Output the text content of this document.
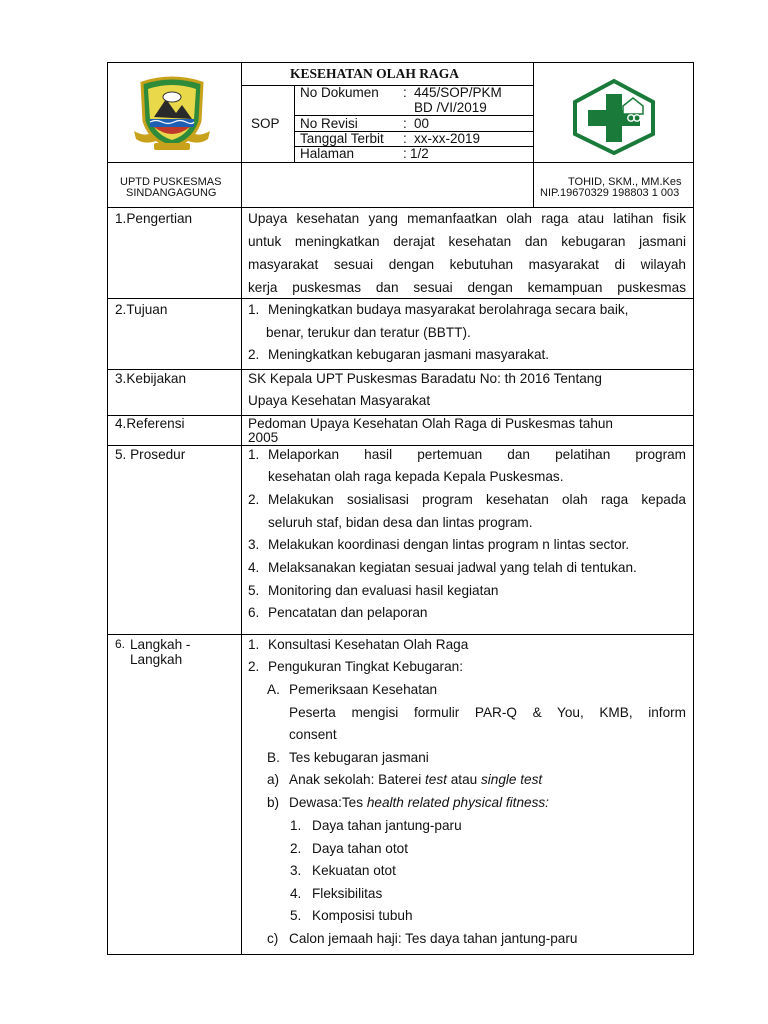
KESEHATAN OLAH RAGA
SOP
No Dokumen : 445/SOP/PKM
BD /VI/2019
No Revisi	: 00
Tanggal Terbit : xx-xx-2019
Halaman	: 1/2
UPTD PUSKESMAS
SINDANGAGUNG
TOHID, SKM., MM.Kes
NIP.19670329 198803 1 003
1.Pengertian	Upaya kesehatan yang memanfaatkan olah raga atau latihan fisik
untuk meningkatkan derajat kesehatan dan kebugaran jasmani
masyarakat sesuai dengan kebutuhan masyarakat di wilayah
kerja puskesmas dan sesuai dengan kemampuan puskesmas
2.Tujuan	1. Meningkatkan budaya masyarakat berolahraga secara baik,
benar, terukur dan teratur (BBTT).
2. Meningkatkan kebugaran jasmani masyarakat.
3.Kebijakan	SK Kepala UPT Puskesmas Baradatu No: th 2016 Tentang
Upaya Kesehatan Masyarakat
4.Referensi	Pedoman Upaya Kesehatan Olah Raga di Puskesmas tahun
2005
5. Prosedur	1. Melaporkan hasil pertemuan dan pelatihan program
kesehatan olah raga kepada Kepala Puskesmas.
2. Melakukan sosialisasi program kesehatan olah raga kepada
seluruh staf, bidan desa dan lintas program.
3. Melakukan koordinasi dengan lintas program n lintas sector.
4. Melaksanakan kegiatan sesuai jadwal yang telah di tentukan.
5. Monitoring dan evaluasi hasil kegiatan
6. Pencatatan dan pelaporan
6. Langkah -
Langkah
1. Konsultasi Kesehatan Olah Raga
2. Pengukuran Tingkat Kebugaran:
A. Pemeriksaan Kesehatan
Peserta mengisi formulir PAR-Q & You, KMB, inform
consent
B. Tes kebugaran jasmani
a) Anak sekolah: Baterei test atau single test
b) Dewasa:Tes health related physical fitness:
1. Daya tahan jantung-paru
2. Daya tahan otot
3. Kekuatan otot
4. Fleksibilitas
5. Komposisi tubuh
c) Calon jemaah haji: Tes daya tahan jantung-paru
